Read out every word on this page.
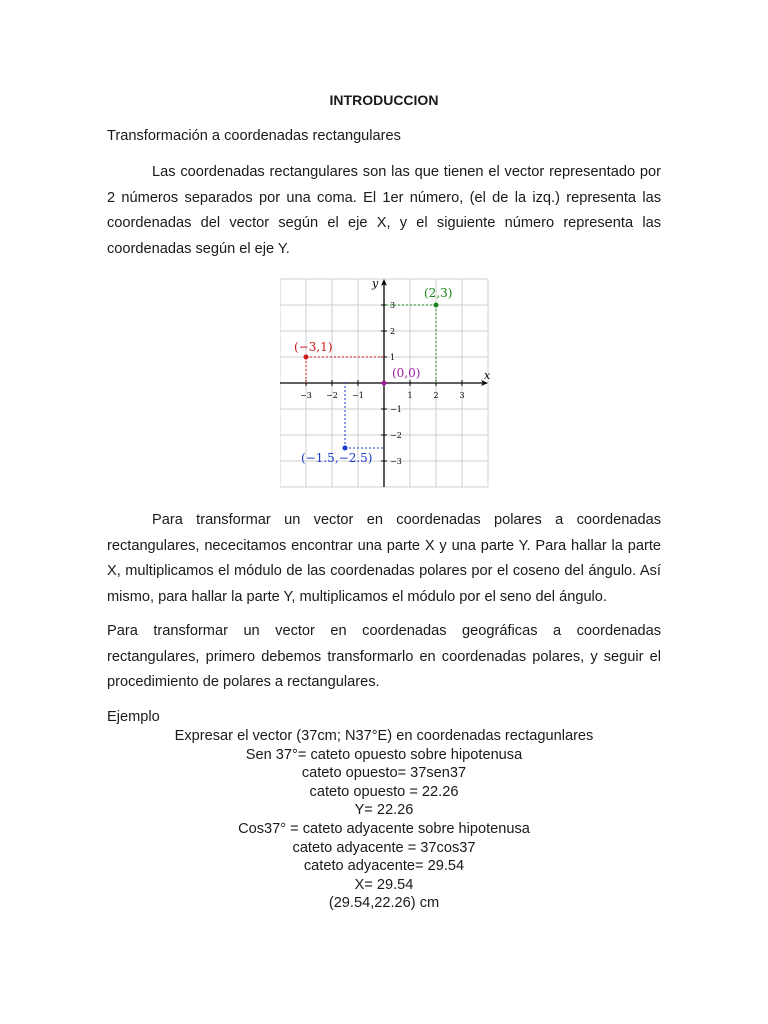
INTRODUCCION
Transformación a coordenadas rectangulares

Las coordenadas rectangulares son las que tienen el vector representado por 2 números separados por una coma. El 1er número, (el de la izq.) representa las coordenadas del vector según el eje X, y el siguiente número representa las coordenadas según el eje Y.

Para transformar un vector en coordenadas polares a coordenadas rectangulares, nececitamos encontrar una parte X y una parte Y. Para hallar la parte X, multiplicamos el módulo de las coordenadas polares por el coseno del ángulo. Así mismo, para hallar la parte Y, multiplicamos el módulo por el seno del ángulo.

Para transformar un vector en coordenadas geográficas a coordenadas rectangulares, primero debemos transformarlo en coordenadas polares, y seguir el procedimiento de polares a rectangulares.

Ejemplo
Expresar el vector (37cm; N37°E) en coordenadas rectagunlares
Sen 37°= cateto opuesto sobre hipotenusa
cateto opuesto= 37sen37
cateto opuesto = 22.26
Y= 22.26
Cos37° = cateto adyacente sobre hipotenusa
cateto adyacente = 37cos37
cateto adyacente= 29.54
X= 29.54
(29.54,22.26) cm
x
y
−3 −2 −1	1	2	3
3
2
1
−1
−2
−3
(2,3)
(−3,1)
(0,0)
(−1.5,−2.5)
